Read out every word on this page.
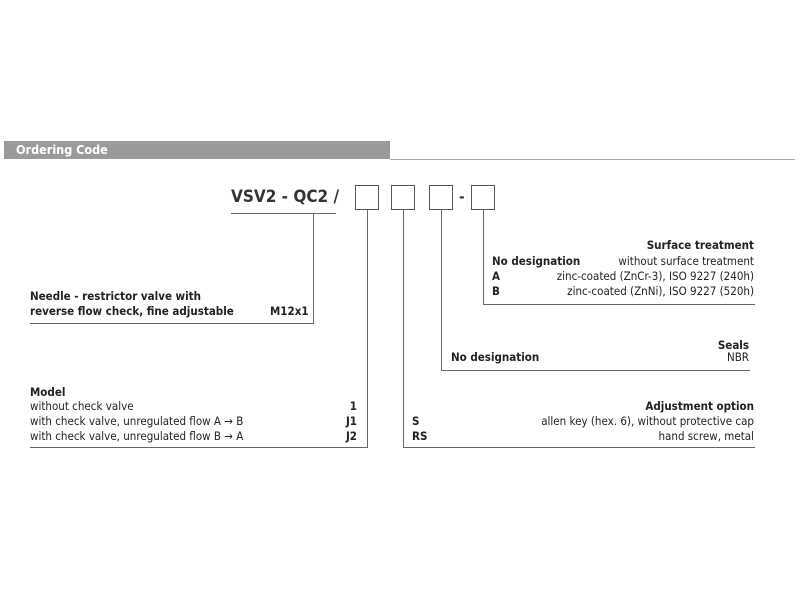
Ordering Code
VSV2 - QC2 /	-
Surface treatment
No designation	without surface treatment
A	zinc-coated (ZnCr-3), ISO 9227 (240h)
B	zinc-coated (ZnNi), ISO 9227 (520h)
Needle - restrictor valve with
reverse flow check, fine adjustable	M12x1
Seals
No designation	NBR
Model
without check valve	1
with check valve, unregulated flow A → B	J1
with check valve, unregulated flow B → A	J2
Adjustment option
S	allen key (hex. 6), without protective cap
RS	hand screw, metal
